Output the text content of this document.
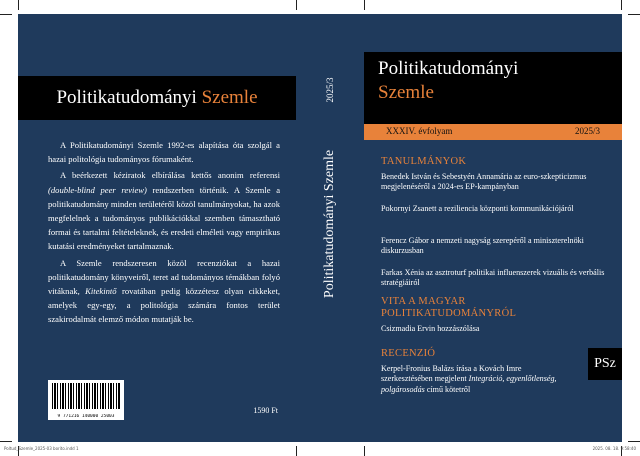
Politikatudományi Szemle

A Politikatudományi Szemle 1992-es alapítása óta szolgál a hazai politológia tudományos fórumaként.

A beérkezett kéziratok elbírálása kettős anonim referensi (double-blind peer review) rendszerben történik. A Szemle a politikatudomány minden területéről közöl tanulmányokat, ha azok megfelelnek a tudományos publikációkkal szemben támasztható formai és tartalmi feltételeknek, és eredeti elméleti vagy empirikus kutatási eredményeket tartalmaznak.

A Szemle rendszeresen közöl recenziókat a hazai politikatudomány könyveiről, teret ad tudományos témákban folyó vitáknak, Kitekintő rovatában pedig közzétesz olyan cikkeket, amelyek egy-egy, a politológia számára fontos terület szakirodalmát elemző módon mutatják be.

9 771216 140000 25003
1590 Ft
2025/3
Politikatudományi Szemle
Politikatudományi
Szemle
XXXIV. évfolyam	2025/3
TANULMÁNYOK
Benedek István és Sebestyén Annamária az euro-szkepticizmus megjelenéséről a 2024-es EP-kampányban
Pokornyi Zsanett a reziliencia központi kommunikációjáról
Ferencz Gábor a nemzeti nagyság szerepéről a miniszterelnöki diskurzusban
Farkas Xénia az asztroturf politikai influenszerek vizuális és verbális stratégiáiról
VITA A MAGYAR POLITIKATUDOMÁNYRÓL
Csizmadia Ervin hozzászólása
RECENZIÓ
Kerpel-Fronius Balázs írása a Kovách Imre szerkesztésében megjelent Integráció, egyenlőtlenség, polgárosodás című kötetről
PSz
Poltud_Szemle_2025-03 borito.indd 1	2025. 08. 18. 9:58:40
